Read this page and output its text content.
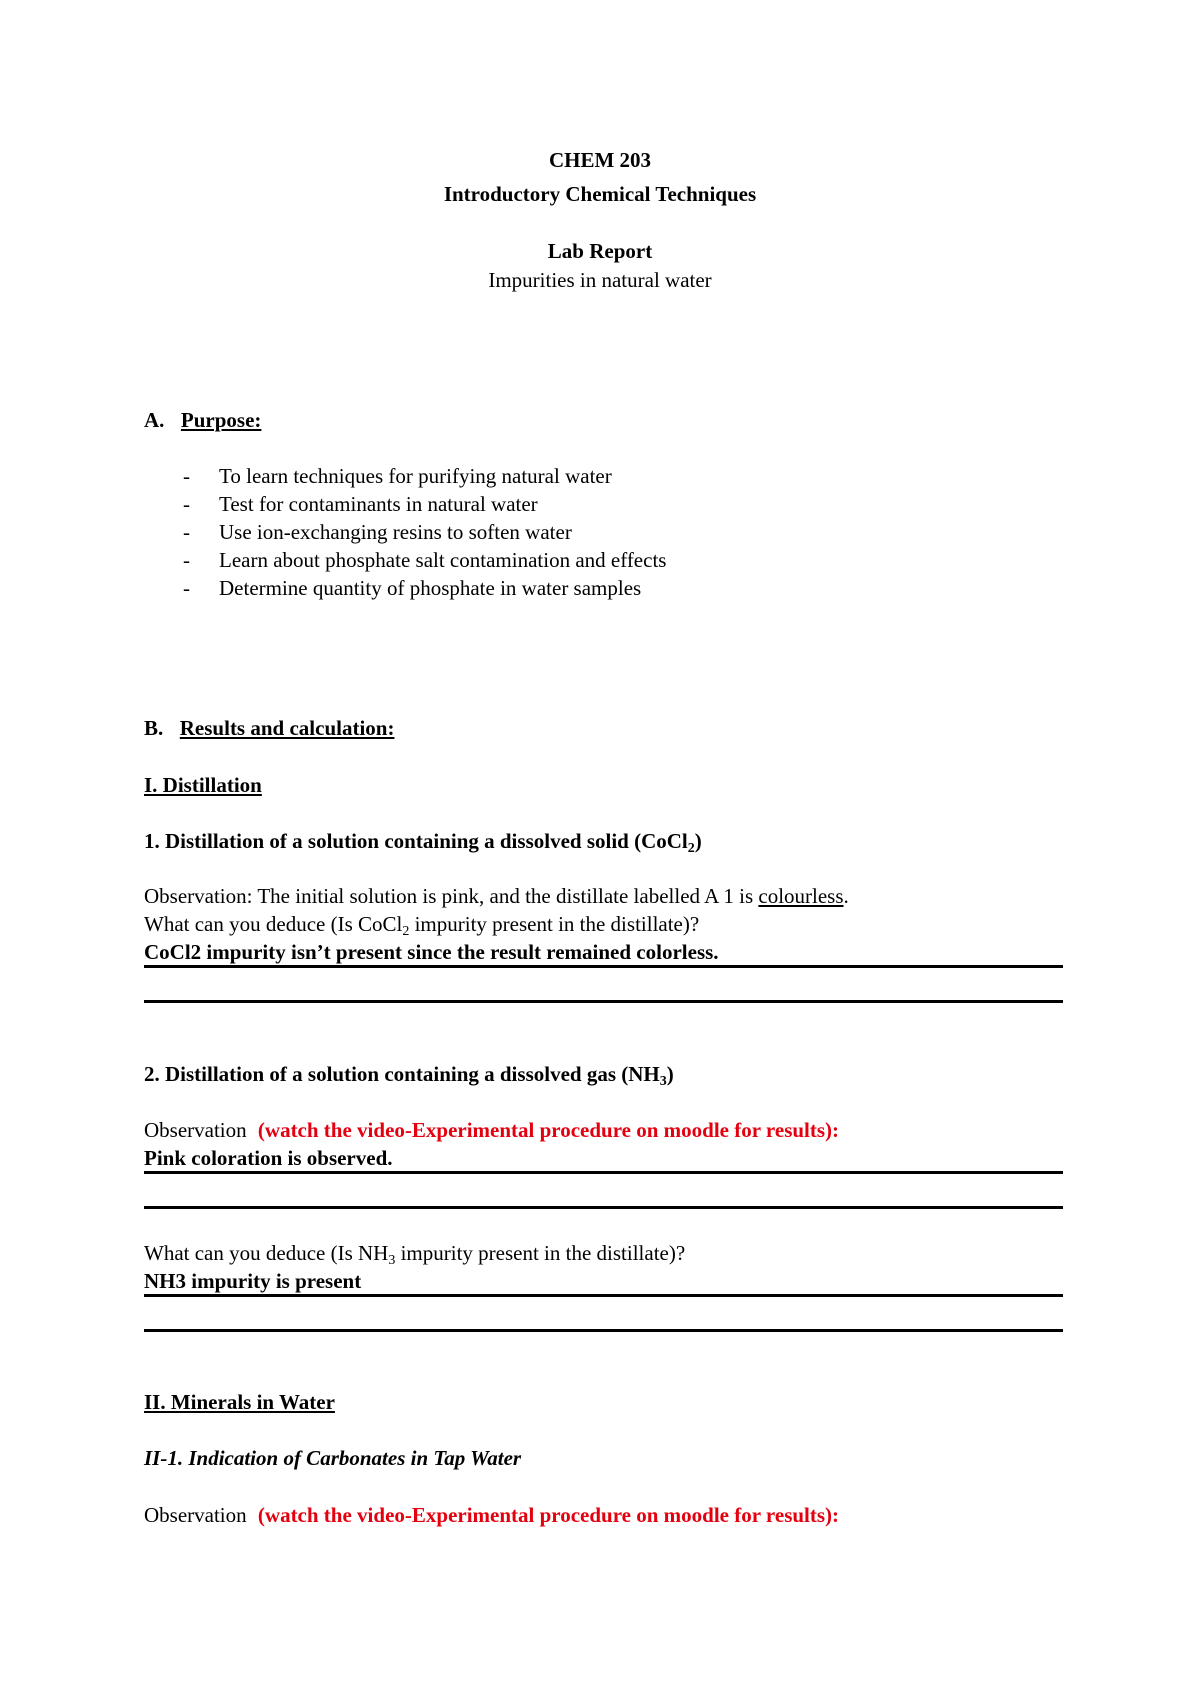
CHEM 203
Introductory Chemical Techniques
Lab Report
Impurities in natural water
A. Purpose:
- To learn techniques for purifying natural water
- Test for contaminants in natural water
- Use ion-exchanging resins to soften water
- Learn about phosphate salt contamination and effects
- Determine quantity of phosphate in water samples
B. Results and calculation:
I. Distillation
1. Distillation of a solution containing a dissolved solid (CoCl$_2$)
Observation: The initial solution is pink, and the distillate labelled A 1 is colourless.
What can you deduce (Is CoCl$_2$ impurity present in the distillate)?
CoCl2 impurity isn’t present since the result remained colorless.
2. Distillation of a solution containing a dissolved gas $(NH_3)$
Observation (watch the video-Experimental procedure on moodle for results):
Pink coloration is observed.
What can you deduce (Is $NH_3$ impurity present in the distillate)?
NH3 impurity is present
II. Minerals in Water
II-1. Indication of Carbonates in Tap Water
Observation (watch the video-Experimental procedure on moodle for results):
